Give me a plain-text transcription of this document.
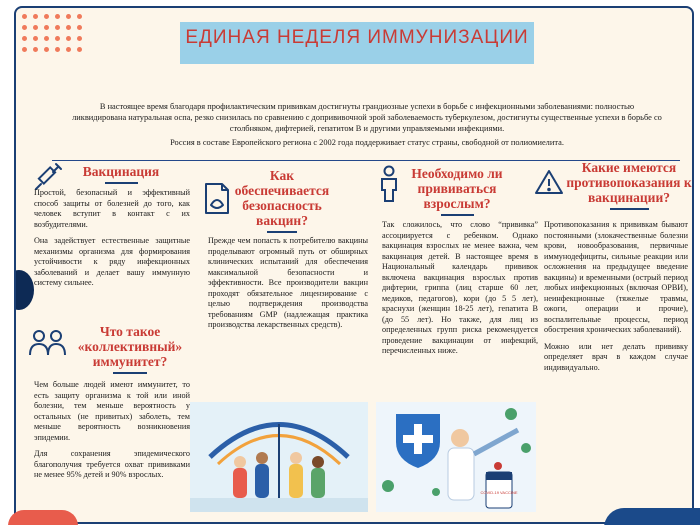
ЕДИНАЯ НЕДЕЛЯ ИММУНИЗАЦИИ
В настоящее время благодаря профилактическим прививкам достигнуты грандиозные успехи в борьбе с инфекционными заболеваниями: полностью ликвидирована натуральная оспа, резко снизилась по сравнению с допрививочной эрой заболеваемость туберкулезом, достигнуты существенные успехи в борьбе со столбняком, дифтерией, гепатитом В и другими управляемыми инфекциями.
Россия в составе Европейского региона с 2002 года поддерживает статус страны, свободной от полиомиелита.
Вакцинация

Простой, безопасный и эффективный способ защиты от болезней до того, как человек вступит в контакт с их возбудителями.

Она задействует естественные защитные механизмы организма для формирования устойчивости к ряду инфекционных заболеваний и делает вашу иммунную систему сильнее.

Что такое «коллективный» иммунитет?

Чем больше людей имеют иммунитет, то есть защиту организма к той или иной болезни, тем меньше вероятность у остальных (не привитых) заболеть, тем меньше вероятность возникновения эпидемии.

Для сохранения эпидемического благополучия требуется охват прививками не менее 95% детей и 90% взрослых.

Как обеспечивается безопасность вакцин?

Прежде чем попасть к потребителю вакцины проделывают огромный путь от обширных клинических испытаний для обеспечения максимальной безопасности и эффективности. Все производители вакцин проходят обязательное лицензирование с целью подтверждения производства требованиям GMP (надлежащая практика производства лекарственных средств).

Необходимо ли прививаться взрослым?

Так сложилось, что слово “прививка” ассоциируется с ребенком. Однако вакцинация взрослых не менее важна, чем вакцинация детей. В настоящее время в Национальный календарь прививок включена вакцинация взрослых против дифтерии, гриппа (лиц старше 60 лет, медиков, педагогов), кори (до 5 5 лет), краснухи (женщин 18-25 лет), гепатита В (до 55 лет). Но также, для лиц из определенных групп риска рекомендуется проведение вакцинации от инфекций, перечисленных ниже.

Какие имеются противопоказания к вакцинации?

Противопоказания к прививкам бывают постоянными (злокачественные болезни крови, новообразования, первичные иммунодефициты, сильные реакции или осложнения на предыдущее введение вакцины) и временными (острый период любых инфекционных (включая ОРВИ), неинфекционные (тяжелые травмы, ожоги, операции и прочие), воспалительные процессы, период обострения хронических заболеваний).

Можно или нет делать прививку определяет врач в каждом случае индивидуально.

COVID-19 VACCINE
